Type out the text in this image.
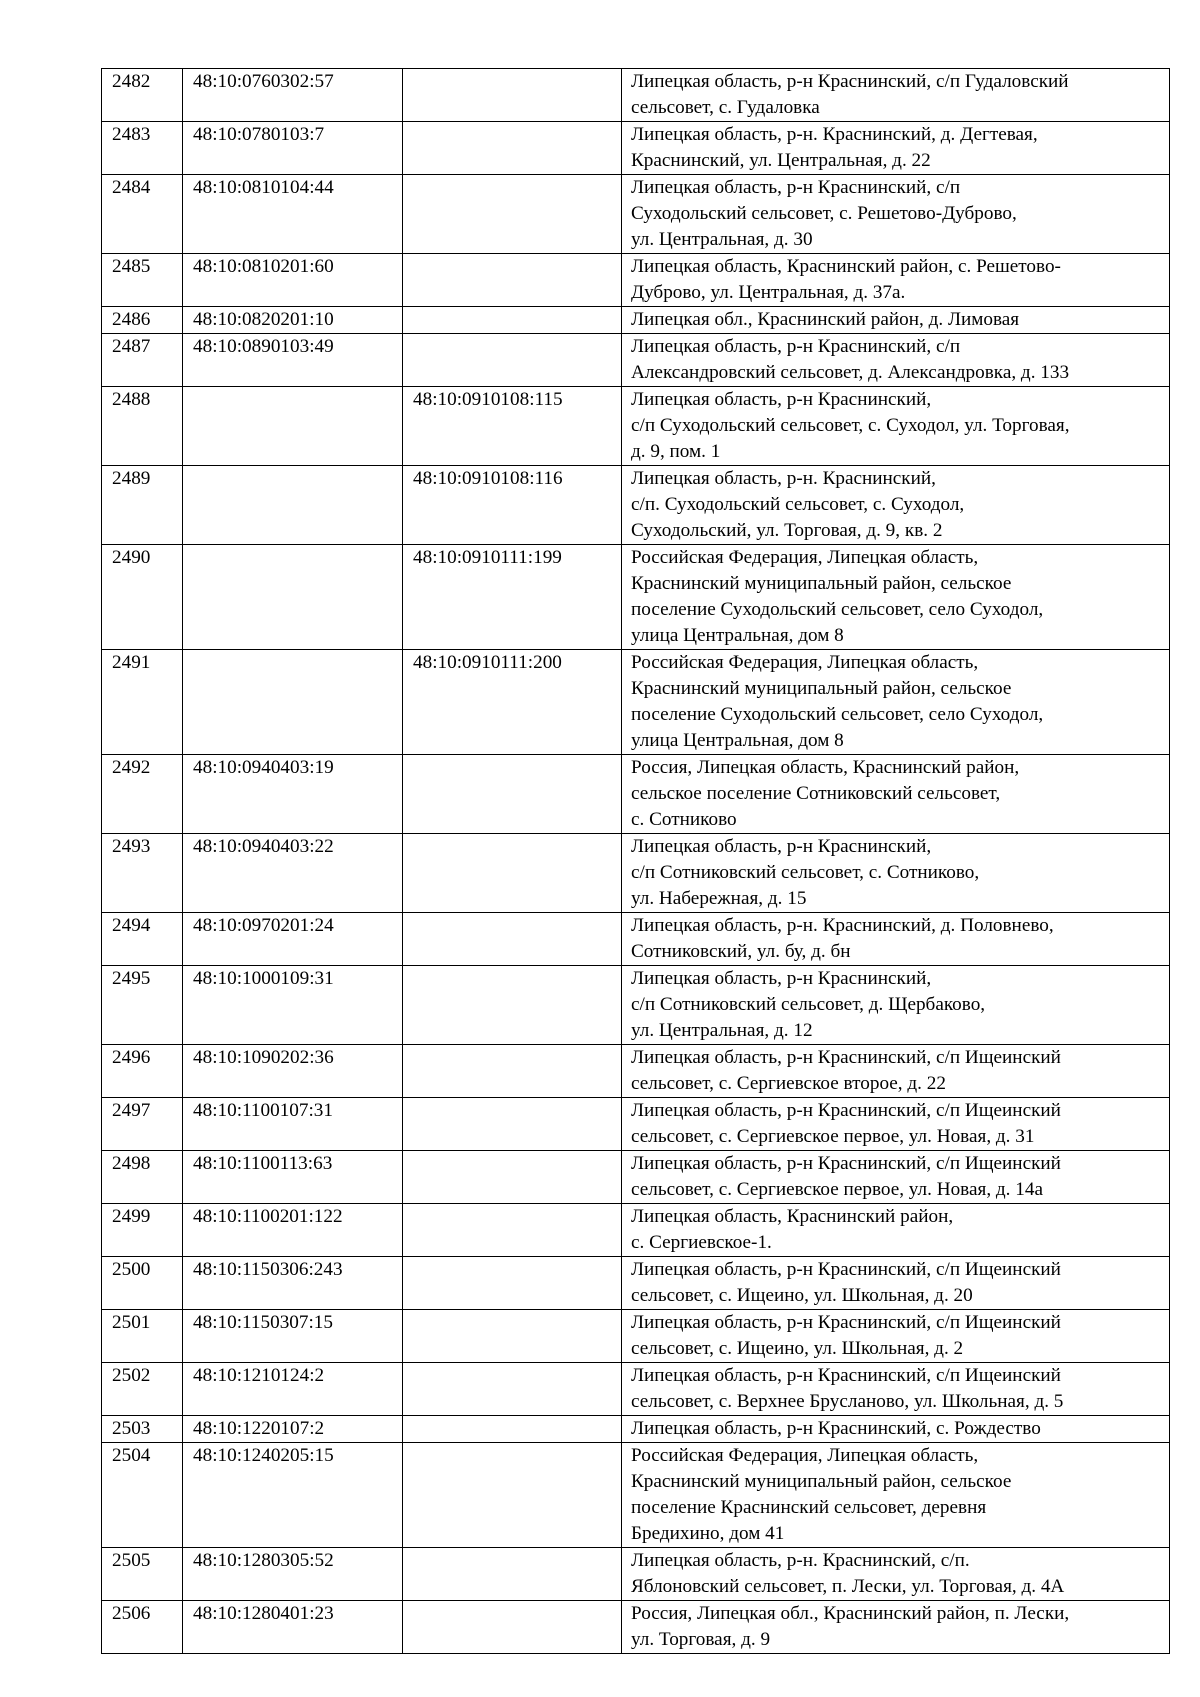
2482	48:10:0760302:57		Липецкая область, р-н Краснинский, с/п Гудаловский
сельсовет, с. Гудаловка
2483	48:10:0780103:7		Липецкая область, р-н. Краснинский, д. Дегтевая,
Краснинский, ул. Центральная, д. 22
2484	48:10:0810104:44		Липецкая область, р-н Краснинский, с/п
Суходольский сельсовет, с. Решетово-Дуброво,
ул. Центральная, д. 30
2485	48:10:0810201:60		Липецкая область, Краснинский район, с. Решетово-
Дуброво, ул. Центральная, д. 37а.
2486	48:10:0820201:10		Липецкая обл., Краснинский район, д. Лимовая
2487	48:10:0890103:49		Липецкая область, р-н Краснинский, с/п
Александровский сельсовет, д. Александровка, д. 133
2488		48:10:0910108:115	Липецкая область, р-н Краснинский,
с/п Суходольский сельсовет, с. Суходол, ул. Торговая,
д. 9, пом. 1
2489		48:10:0910108:116	Липецкая область, р-н. Краснинский,
с/п. Суходольский сельсовет, с. Суходол,
Суходольский, ул. Торговая, д. 9, кв. 2
2490		48:10:0910111:199	Российская Федерация, Липецкая область,
Краснинский муниципальный район, сельское
поселение Суходольский сельсовет, село Суходол,
улица Центральная, дом 8
2491		48:10:0910111:200	Российская Федерация, Липецкая область,
Краснинский муниципальный район, сельское
поселение Суходольский сельсовет, село Суходол,
улица Центральная, дом 8
2492	48:10:0940403:19		Россия, Липецкая область, Краснинский район,
сельское поселение Сотниковский сельсовет,
с. Сотниково
2493	48:10:0940403:22		Липецкая область, р-н Краснинский,
с/п Сотниковский сельсовет, с. Сотниково,
ул. Набережная, д. 15
2494	48:10:0970201:24		Липецкая область, р-н. Краснинский, д. Половнево,
Сотниковский, ул. бу, д. бн
2495	48:10:1000109:31		Липецкая область, р-н Краснинский,
с/п Сотниковский сельсовет, д. Щербаково,
ул. Центральная, д. 12
2496	48:10:1090202:36		Липецкая область, р-н Краснинский, с/п Ищеинский
сельсовет, с. Сергиевское второе, д. 22
2497	48:10:1100107:31		Липецкая область, р-н Краснинский, с/п Ищеинский
сельсовет, с. Сергиевское первое, ул. Новая, д. 31
2498	48:10:1100113:63		Липецкая область, р-н Краснинский, с/п Ищеинский
сельсовет, с. Сергиевское первое, ул. Новая, д. 14а
2499	48:10:1100201:122		Липецкая область, Краснинский район,
с. Сергиевское-1.
2500	48:10:1150306:243		Липецкая область, р-н Краснинский, с/п Ищеинский
сельсовет, с. Ищеино, ул. Школьная, д. 20
2501	48:10:1150307:15		Липецкая область, р-н Краснинский, с/п Ищеинский
сельсовет, с. Ищеино, ул. Школьная, д. 2
2502	48:10:1210124:2		Липецкая область, р-н Краснинский, с/п Ищеинский
сельсовет, с. Верхнее Брусланово, ул. Школьная, д. 5
2503	48:10:1220107:2		Липецкая область, р-н Краснинский, с. Рождество
2504	48:10:1240205:15		Российская Федерация, Липецкая область,
Краснинский муниципальный район, сельское
поселение Краснинский сельсовет, деревня
Бредихино, дом 41
2505	48:10:1280305:52		Липецкая область, р-н. Краснинский, с/п.
Яблоновский сельсовет, п. Лески, ул. Торговая, д. 4А
2506	48:10:1280401:23		Россия, Липецкая обл., Краснинский район, п. Лески,
ул. Торговая, д. 9
